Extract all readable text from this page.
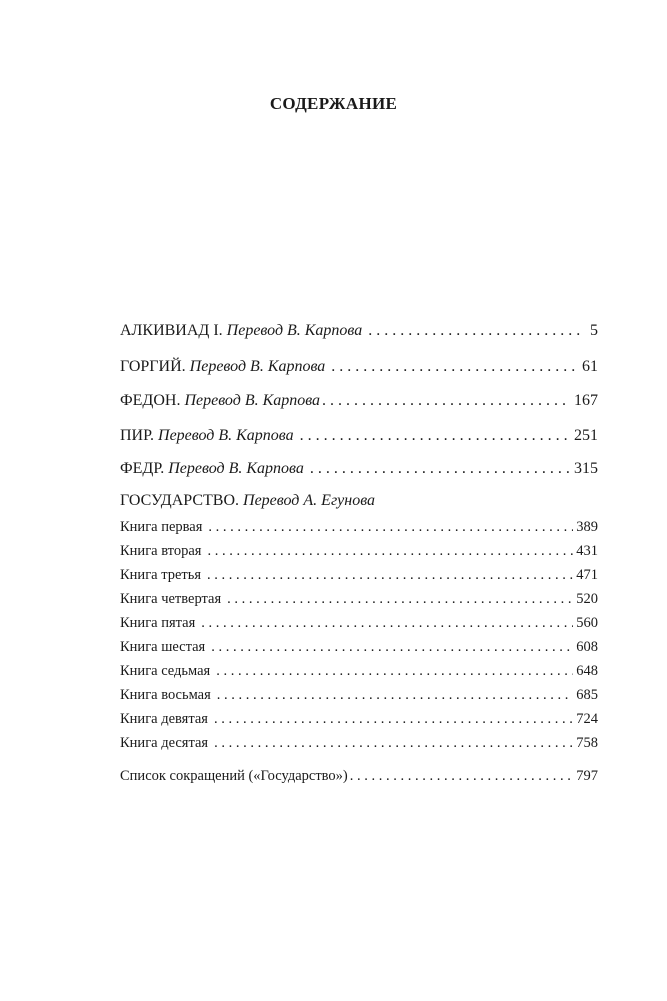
СОДЕРЖАНИЕ
АЛКИВИАД I. Перевод В. Карпова . . .	5
ГОРГИЙ. Перевод В. Карпова . . .	61
ФЕДОН. Перевод В. Карпова . . .	167
ПИР. Перевод В. Карпова . . .	251
ФЕДР. Перевод В. Карпова . . .	315
ГОСУДАРСТВО. Перевод А. Егунова
Книга первая . . .	389
Книга вторая . . .	431
Книга третья . . .	471
Книга четвертая . . .	520
Книга пятая . . .	560
Книга шестая . . .	608
Книга седьмая . . .	648
Книга восьмая . . .	685
Книга девятая . . .	724
Книга десятая . . .	758
Список сокращений («Государство») . . .	797
